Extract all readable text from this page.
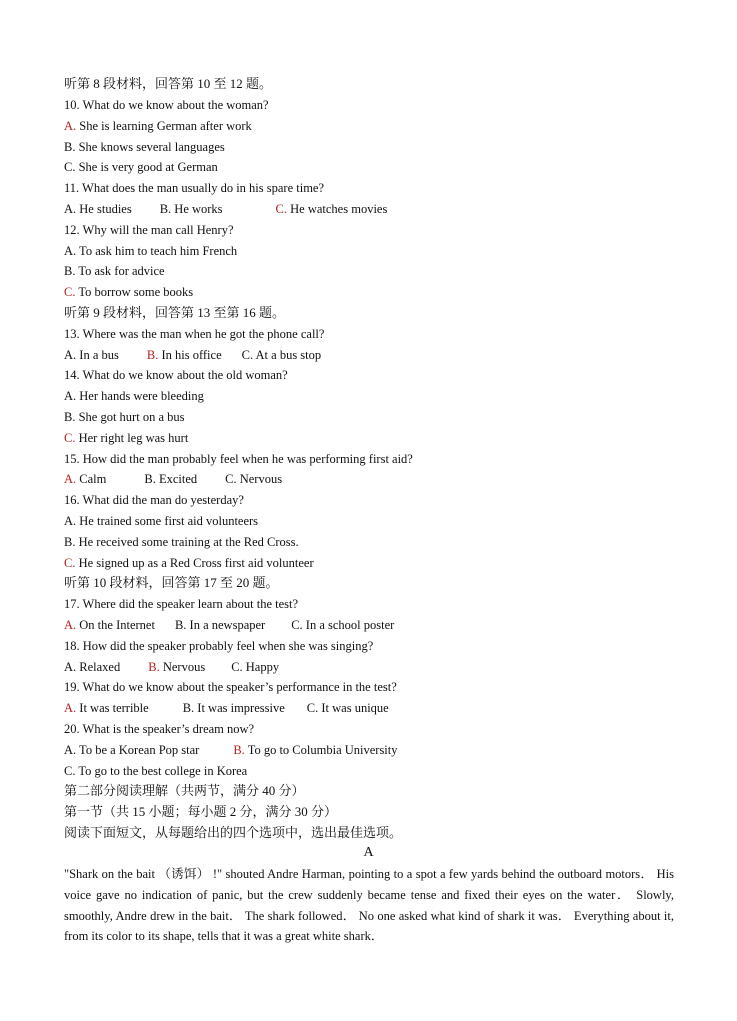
听第 8 段材料，回答第 10 至 12 题。
10. What do we know about the woman?
A. She is learning German after work
B. She knows several languages
C. She is very good at German
11. What does the man usually do in his spare time?
A. He studies B. He works	C. He watches movies
12. Why will the man call Henry?
A. To ask him to teach him French
B. To ask for advice
C. To borrow some books
听第 9 段材料，回答第 13 至第 16 题。
13. Where was the man when he got the phone call?
A. In a bus B. In his office C. At a bus stop
14. What do we know about the old woman?
A. Her hands were bleeding
B. She got hurt on a bus
C. Her right leg was hurt
15. How did the man probably feel when he was performing first aid?
A. Calm	B. Excited C. Nervous
16. What did the man do yesterday?
A. He trained some first aid volunteers
B. He received some training at the Red Cross.
C. He signed up as a Red Cross first aid volunteer
听第 10 段材料，回答第 17 至 20 题。
17. Where did the speaker learn about the test?
A. On the Internet B. In a newspaper C. In a school poster
18. How did the speaker probably feel when she was singing?
A. Relaxed B. Nervous C. Happy
19. What do we know about the speaker’s performance in the test?
A. It was terrible	B. It was impressive C. It was unique
20. What is the speaker’s dream now?
A. To be a Korean Pop star	B. To go to Columbia University
C. To go to the best college in Korea
第二部分阅读理解（共两节，满分 40 分）
第一节（共 15 小题；每小题 2 分，满分 30 分）
阅读下面短文，从每题给出的四个选项中，选出最佳选项。
A
"Shark on the bait （诱饵） !" shouted Andre Harman, pointing to a spot a few yards behind the outboard motors． His voice gave no indication of panic, but the crew suddenly became tense and fixed their eyes on the water． Slowly, smoothly, Andre drew in the bait． The shark followed． No one asked what kind of shark it was． Everything about it, from its color to its shape, tells that it was a great white shark．
